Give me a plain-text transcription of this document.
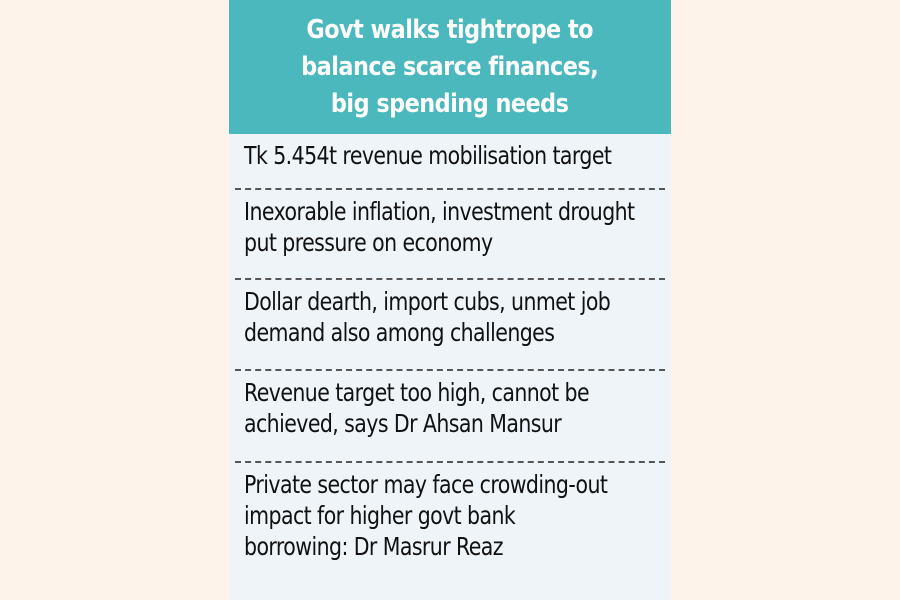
Govt walks tightrope to
balance scarce finances,
big spending needs
Tk 5.454t revenue mobilisation target
Inexorable inflation, investment drought
put pressure on economy
Dollar dearth, import cubs, unmet job
demand also among challenges
Revenue target too high, cannot be
achieved, says Dr Ahsan Mansur
Private sector may face crowding-out
impact for higher govt bank
borrowing: Dr Masrur Reaz
